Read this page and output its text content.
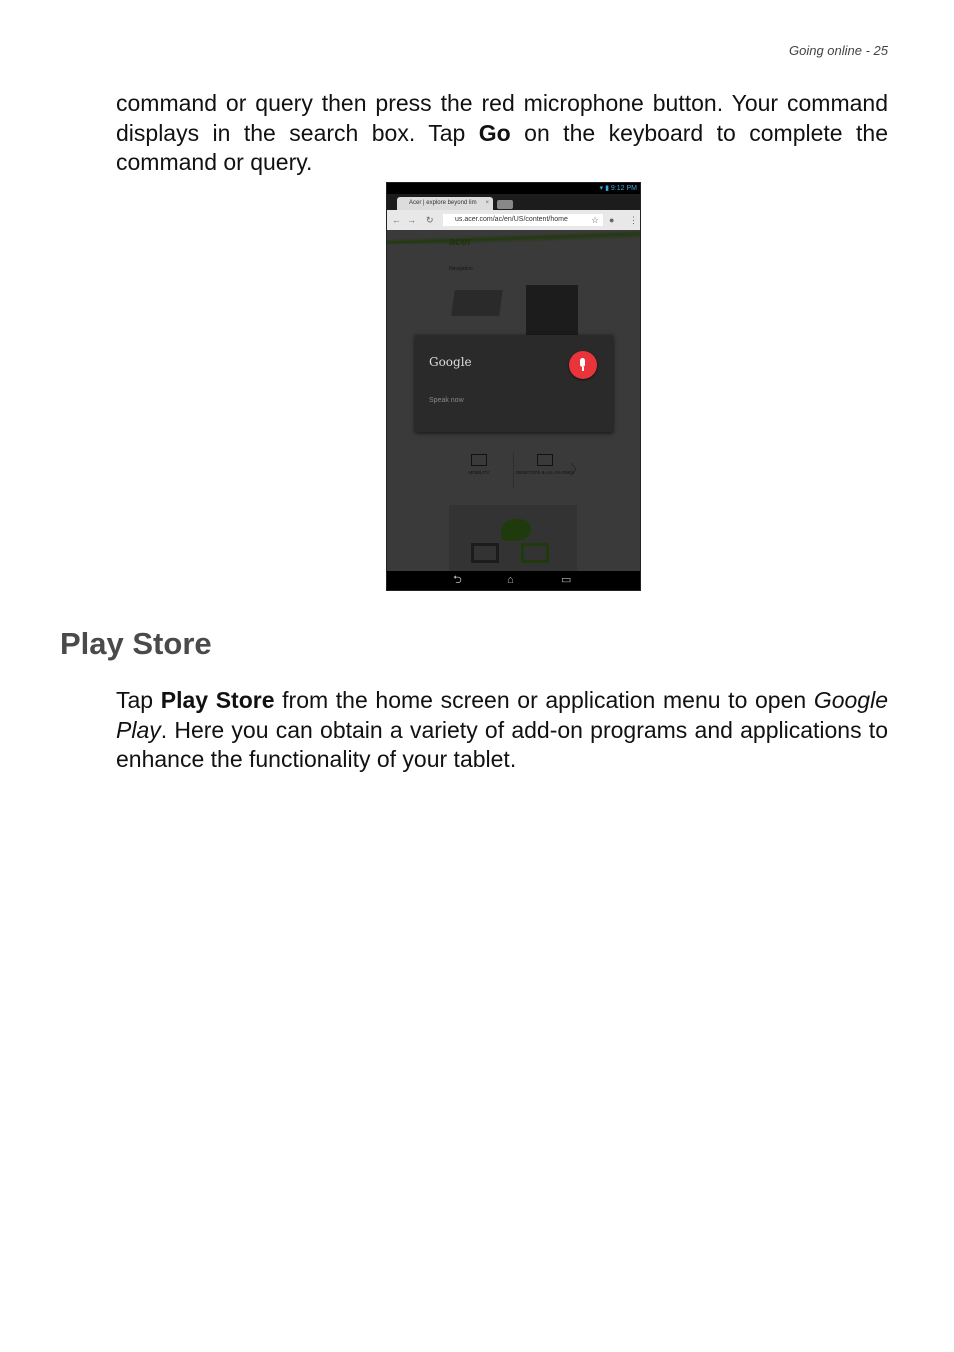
Going online - 25

command or query then press the red microphone button. Your command displays in the search box. Tap Go on the keyboard to complete the command or query.

▾ ▮ 9:12 PM
Acer | explore beyond lim ×
← → ↻	us.acer.com/ac/en/US/content/home	☆ ● ⋮
acer
Navigation
MOBILITY	DESKTOPS & ALL-IN-ONES
〉
Google
Speak now
⮌	⌂	▭
Play Store

Tap Play Store from the home screen or application menu to open Google Play. Here you can obtain a variety of add-on programs and applications to enhance the functionality of your tablet.
